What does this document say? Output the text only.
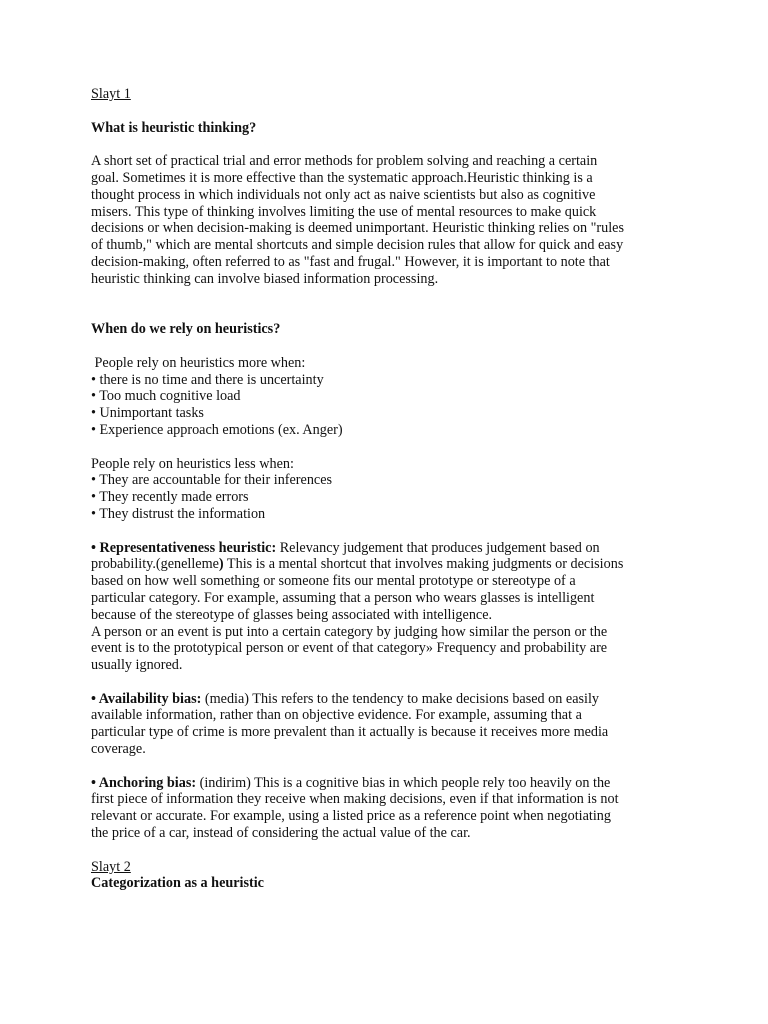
Slayt 1
What is heuristic thinking?
A short set of practical trial and error methods for problem solving and reaching a certain
goal. Sometimes it is more effective than the systematic approach.Heuristic thinking is a
thought process in which individuals not only act as naive scientists but also as cognitive
misers. This type of thinking involves limiting the use of mental resources to make quick
decisions or when decision-making is deemed unimportant. Heuristic thinking relies on "rules
of thumb," which are mental shortcuts and simple decision rules that allow for quick and easy
decision-making, often referred to as "fast and frugal." However, it is important to note that
heuristic thinking can involve biased information processing.
When do we rely on heuristics?
People rely on heuristics more when:
• there is no time and there is uncertainty
• Too much cognitive load
• Unimportant tasks
• Experience approach emotions (ex. Anger)
People rely on heuristics less when:
• They are accountable for their inferences
• They recently made errors
• They distrust the information
• Representativeness heuristic: Relevancy judgement that produces judgement based on
probability.(genelleme) This is a mental shortcut that involves making judgments or decisions
based on how well something or someone fits our mental prototype or stereotype of a
particular category. For example, assuming that a person who wears glasses is intelligent
because of the stereotype of glasses being associated with intelligence.
A person or an event is put into a certain category by judging how similar the person or the
event is to the prototypical person or event of that category» Frequency and probability are
usually ignored.
• Availability bias: (media) This refers to the tendency to make decisions based on easily
available information, rather than on objective evidence. For example, assuming that a
particular type of crime is more prevalent than it actually is because it receives more media
coverage.
• Anchoring bias: (indirim) This is a cognitive bias in which people rely too heavily on the
first piece of information they receive when making decisions, even if that information is not
relevant or accurate. For example, using a listed price as a reference point when negotiating
the price of a car, instead of considering the actual value of the car.
Slayt 2
Categorization as a heuristic
